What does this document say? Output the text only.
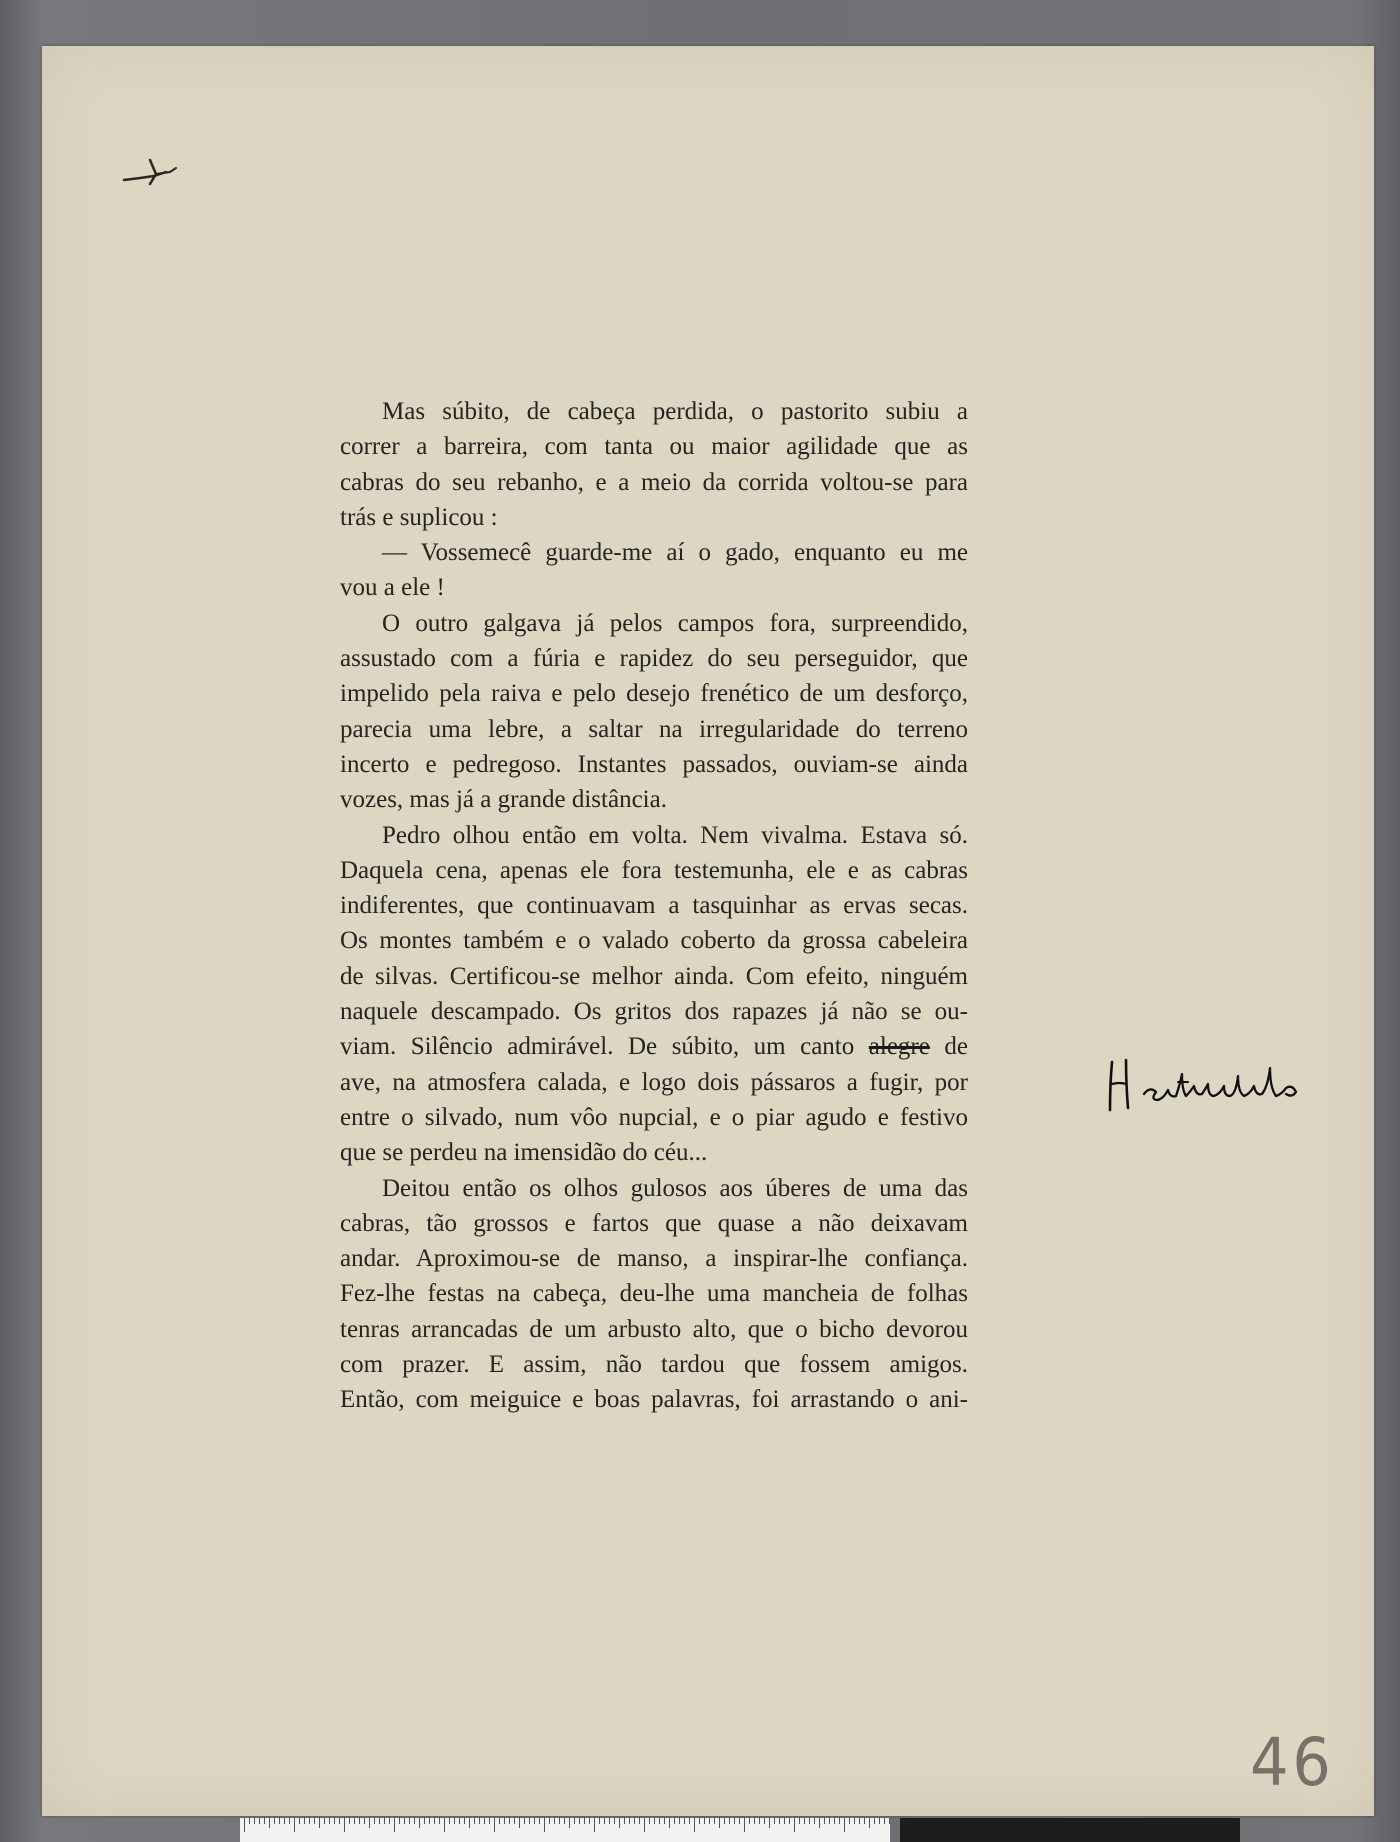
Mas súbito, de cabeça perdida, o pastorito subiu a
correr a barreira, com tanta ou maior agilidade que as
cabras do seu rebanho, e a meio da corrida voltou-se para
trás e suplicou :
— Vossemecê guarde-me aí o gado, enquanto eu me
vou a ele !
O outro galgava já pelos campos fora, surpreendido,
assustado com a fúria e rapidez do seu perseguidor, que
impelido pela raiva e pelo desejo frenético de um desforço,
parecia uma lebre, a saltar na irregularidade do terreno
incerto e pedregoso. Instantes passados, ouviam-se ainda
vozes, mas já a grande distância.
Pedro olhou então em volta. Nem vivalma. Estava só.
Daquela cena, apenas ele fora testemunha, ele e as cabras
indiferentes, que continuavam a tasquinhar as ervas secas.
Os montes também e o valado coberto da grossa cabeleira
de silvas. Certificou-se melhor ainda. Com efeito, ninguém
naquele descampado. Os gritos dos rapazes já não se ou-
viam. Silêncio admirável. De súbito, um canto alegre de
ave, na atmosfera calada, e logo dois pássaros a fugir, por
entre o silvado, num vôo nupcial, e o piar agudo e festivo
que se perdeu na imensidão do céu...
Deitou então os olhos gulosos aos úberes de uma das
cabras, tão grossos e fartos que quase a não deixavam
andar. Aproximou-se de manso, a inspirar-lhe confiança.
Fez-lhe festas na cabeça, deu-lhe uma mancheia de folhas
tenras arrancadas de um arbusto alto, que o bicho devorou
com prazer. E assim, não tardou que fossem amigos.
Então, com meiguice e boas palavras, foi arrastando o ani-
46
